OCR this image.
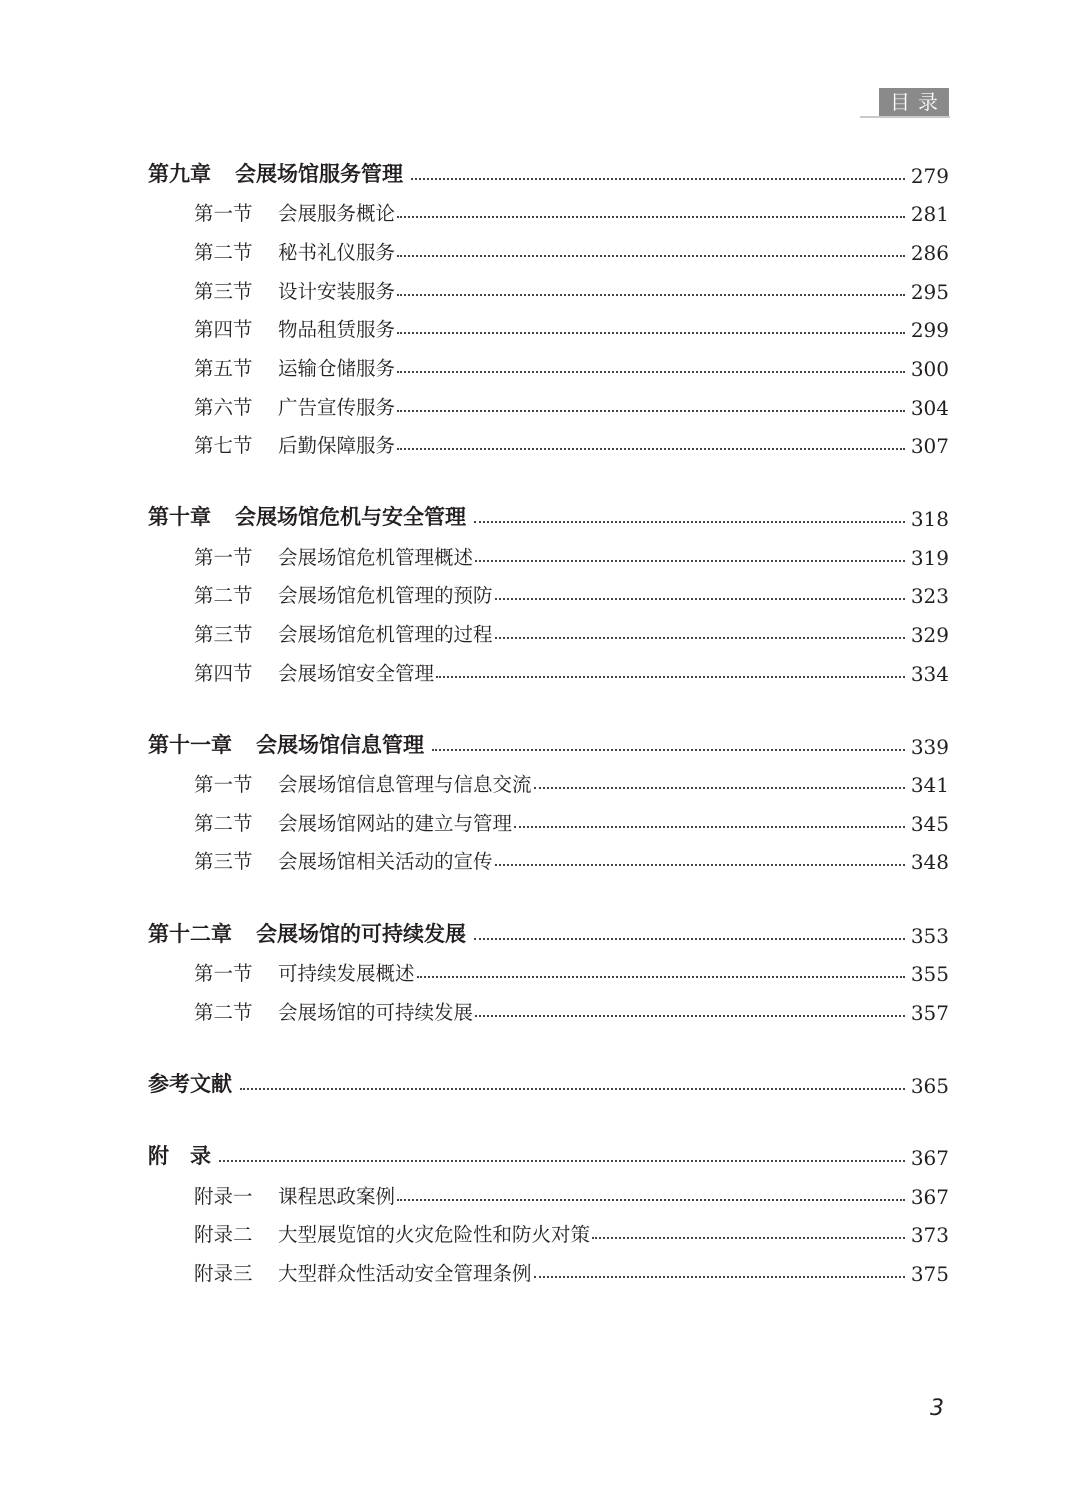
目录
第九章 会展场馆服务管理	279
第一节	会展服务概论	281
第二节	秘书礼仪服务	286
第三节	设计安装服务	295
第四节	物品租赁服务	299
第五节	运输仓储服务	300
第六节	广告宣传服务	304
第七节	后勤保障服务	307
第十章 会展场馆危机与安全管理	318
第一节	会展场馆危机管理概述	319
第二节	会展场馆危机管理的预防	323
第三节	会展场馆危机管理的过程	329
第四节	会展场馆安全管理	334
第十一章 会展场馆信息管理	339
第一节	会展场馆信息管理与信息交流	341
第二节	会展场馆网站的建立与管理	345
第三节	会展场馆相关活动的宣传	348
第十二章 会展场馆的可持续发展	353
第一节	可持续发展概述	355
第二节	会展场馆的可持续发展	357
参考文献	365
附　录	367
附录一	课程思政案例	367
附录二	大型展览馆的火灾危险性和防火对策	373
附录三	大型群众性活动安全管理条例	375
3
